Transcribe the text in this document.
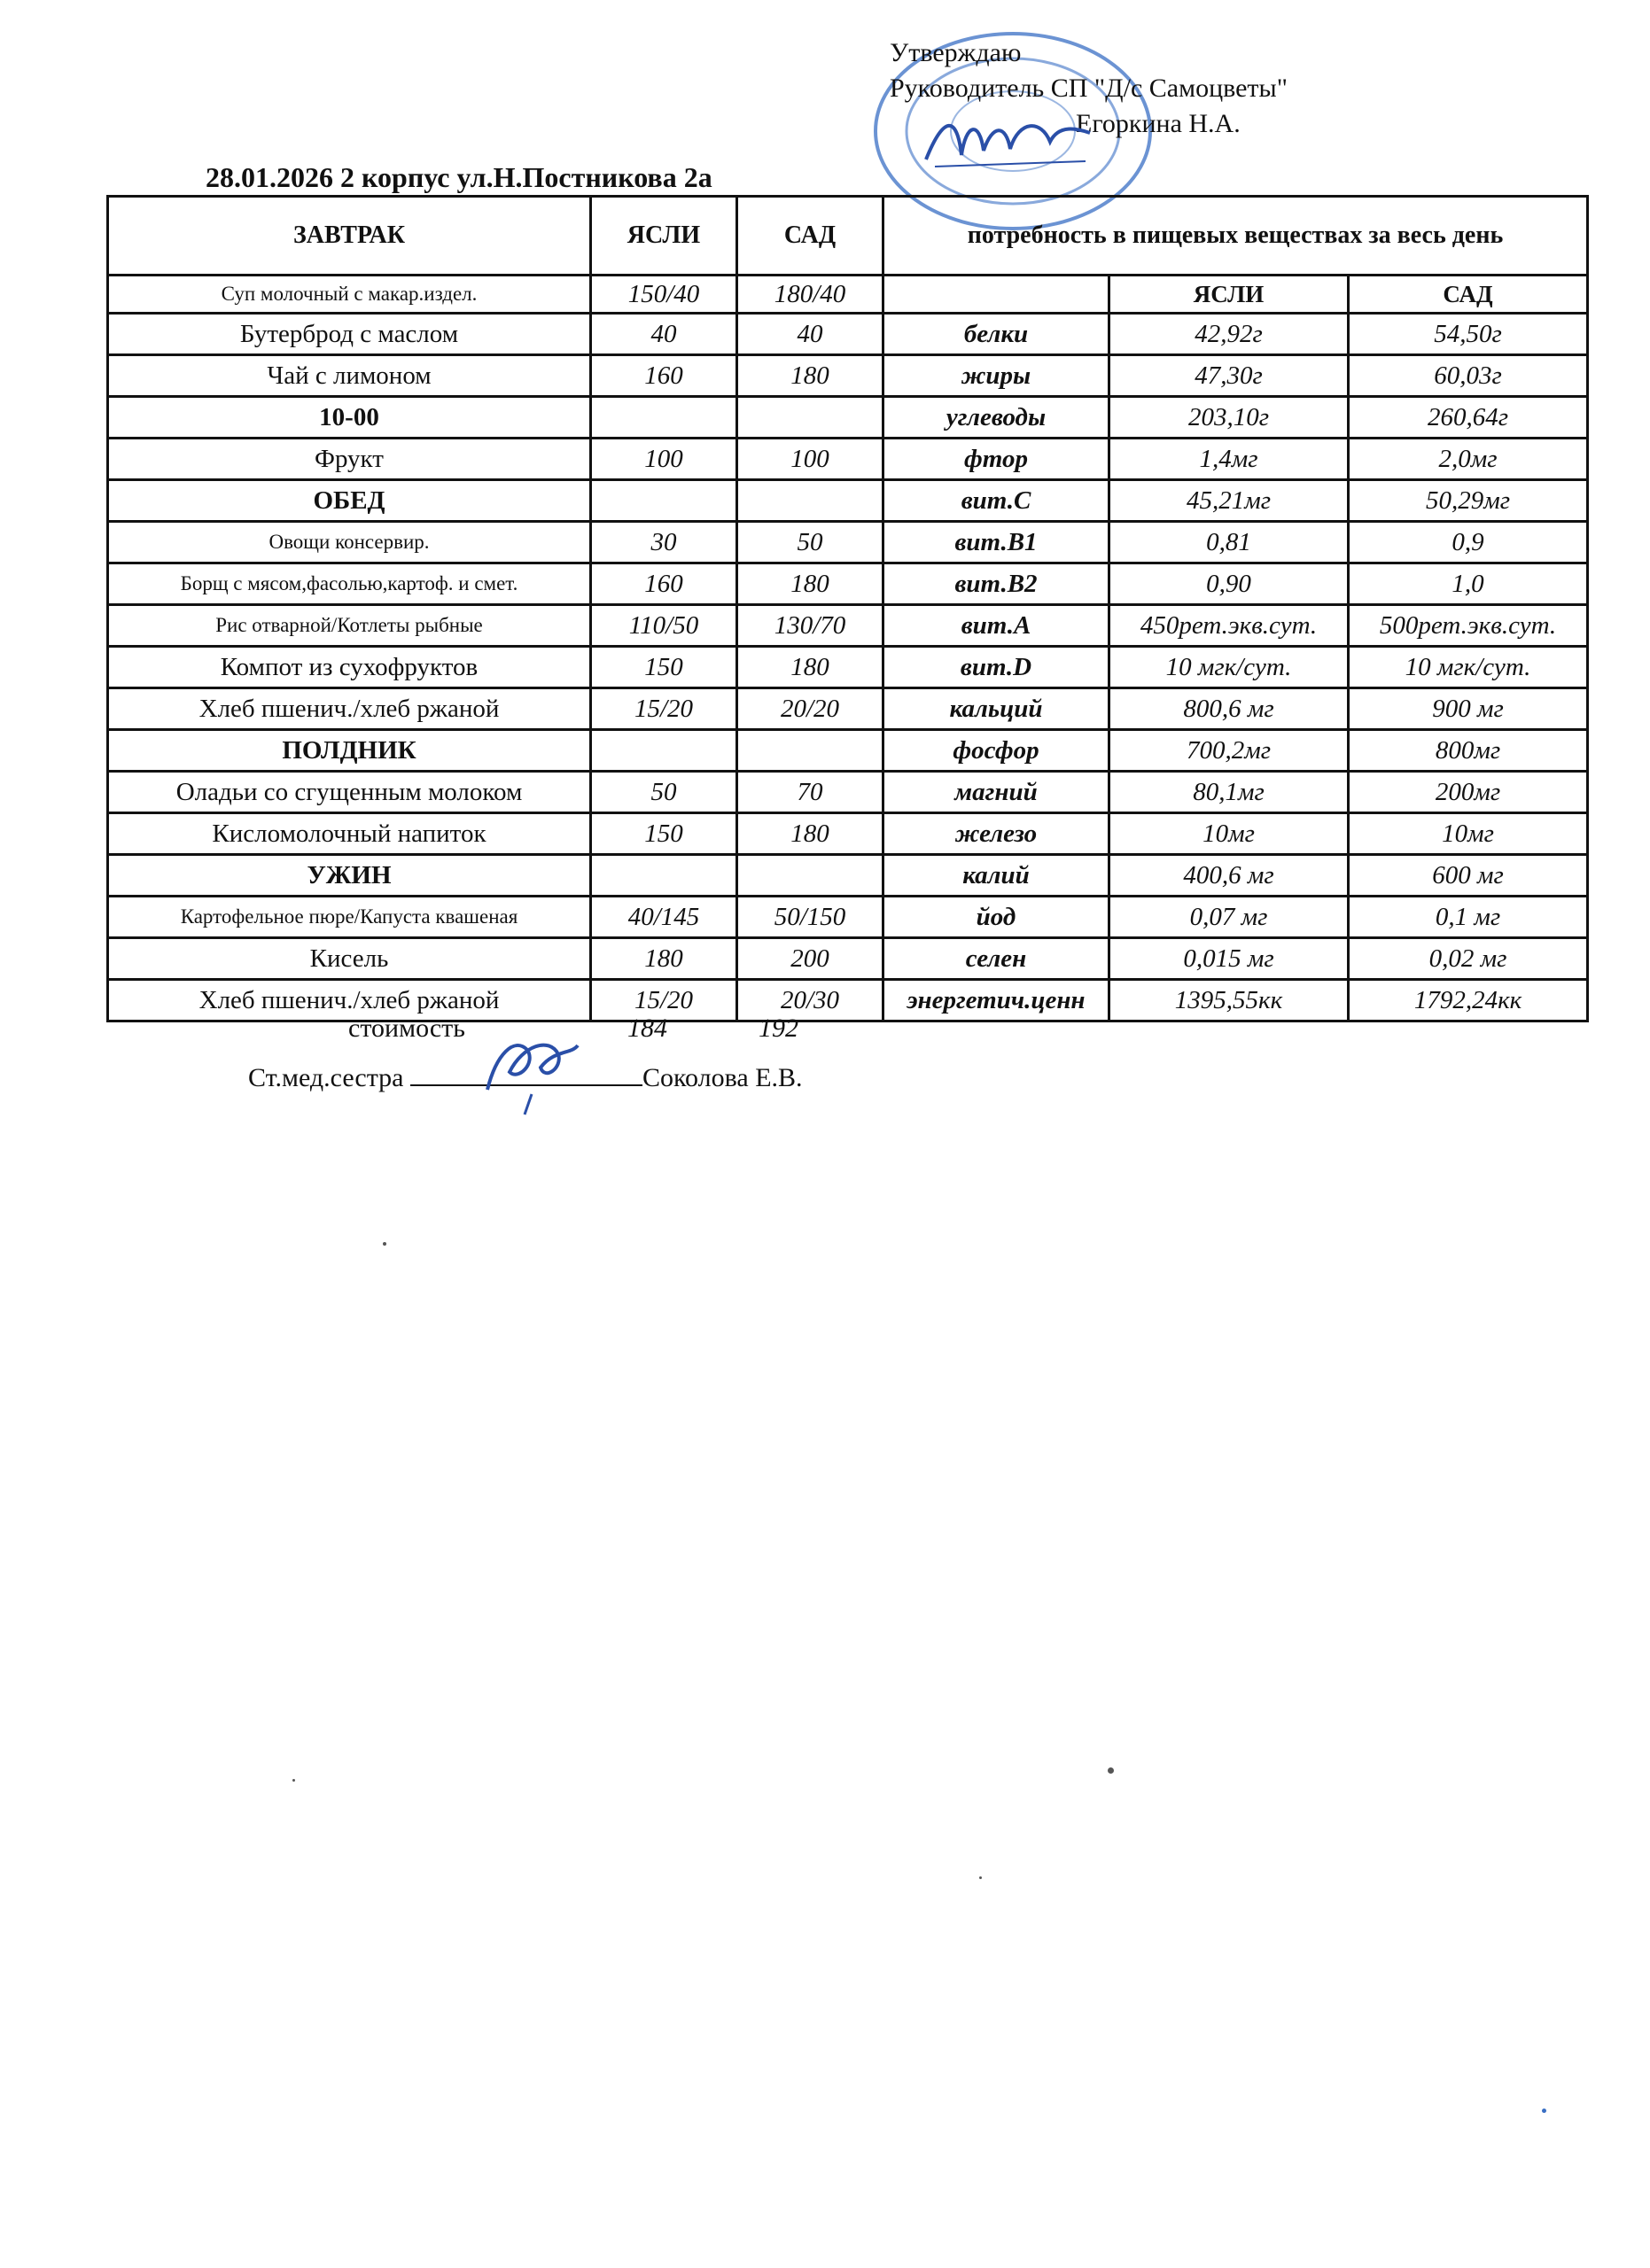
Утверждаю
Руководитель СП "Д/с Самоцветы"
Егоркина Н.А.
28.01.2026 2 корпус ул.Н.Постникова 2а
ЗАВТРАК	ЯСЛИ	САД	потребность в пищевых веществах за весь день		
Суп молочный с макар.издел.	150/40	180/40		ЯСЛИ	САД
Бутерброд с маслом	40	40	белки	42,92г	54,50г
Чай с лимоном	160	180	жиры	47,30г	60,03г
10-00			углеводы	203,10г	260,64г
Фрукт	100	100	фтор	1,4мг	2,0мг
ОБЕД			вит.С	45,21мг	50,29мг
Овощи консервир.	30	50	вит.В1	0,81	0,9
Борщ с мясом,фасолью,картоф. и смет.	160	180	вит.В2	0,90	1,0
Рис отварной/Котлеты рыбные	110/50	130/70	вит.А	450рет.экв.сут.	500рет.экв.сут.
Компот из сухофруктов	150	180	вит.D	10 мгк/сут.	10 мгк/сут.
Хлеб пшенич./хлеб ржаной	15/20	20/20	кальций	800,6 мг	900 мг
ПОЛДНИК			фосфор	700,2мг	800мг
Оладьи со сгущенным молоком	50	70	магний	80,1мг	200мг
Кисломолочный напиток	150	180	железо	10мг	10мг
УЖИН			калий	400,6 мг	600 мг
Картофельное пюре/Капуста квашеная	40/145	50/150	йод	0,07 мг	0,1 мг
Кисель	180	200	селен	0,015 мг	0,02 мг
Хлеб пшенич./хлеб ржаной	15/20	20/30	энергетич.ценн	1395,55кк	1792,24кк
стоимость	184	192
Ст.мед.сестра	Соколова Е.В.
